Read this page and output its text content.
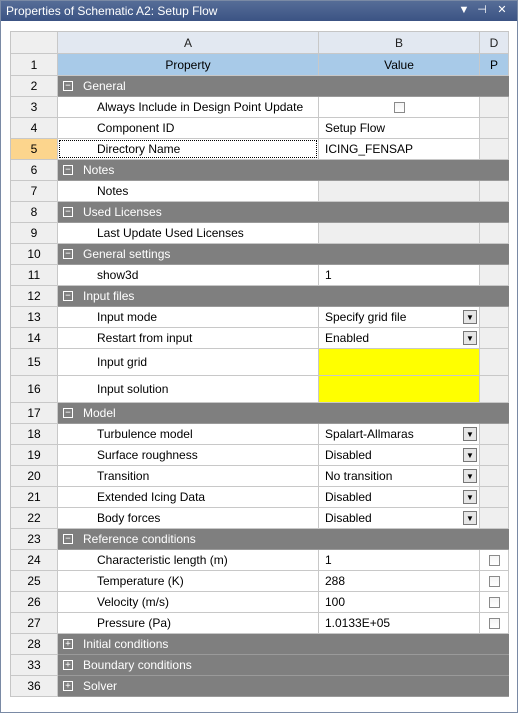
Properties of Schematic A2: Setup Flow	▼ ⊣ ✕
A	B	D
1	Property	Value	P
2	− General
3	Always Include in Design Point Update
4	Component ID	Setup Flow
5	Directory Name	ICING_FENSAP
6	− Notes
7	Notes
8	− Used Licenses
9	Last Update Used Licenses
10	− General settings
11	show3d	1
12	− Input files
13	Input mode	Specify grid file	▼
14	Restart from input	Enabled	▼
15	Input grid
16	Input solution
17	− Model
18	Turbulence model	Spalart-Allmaras	▼
19	Surface roughness	Disabled	▼
20	Transition	No transition	▼
21	Extended Icing Data	Disabled	▼
22	Body forces	Disabled	▼
23	− Reference conditions
24	Characteristic length (m)	1
25	Temperature (K)	288
26	Velocity (m/s)	100
27	Pressure (Pa)	1.0133E+05
28	+ Initial conditions
33	+ Boundary conditions
36	+ Solver
